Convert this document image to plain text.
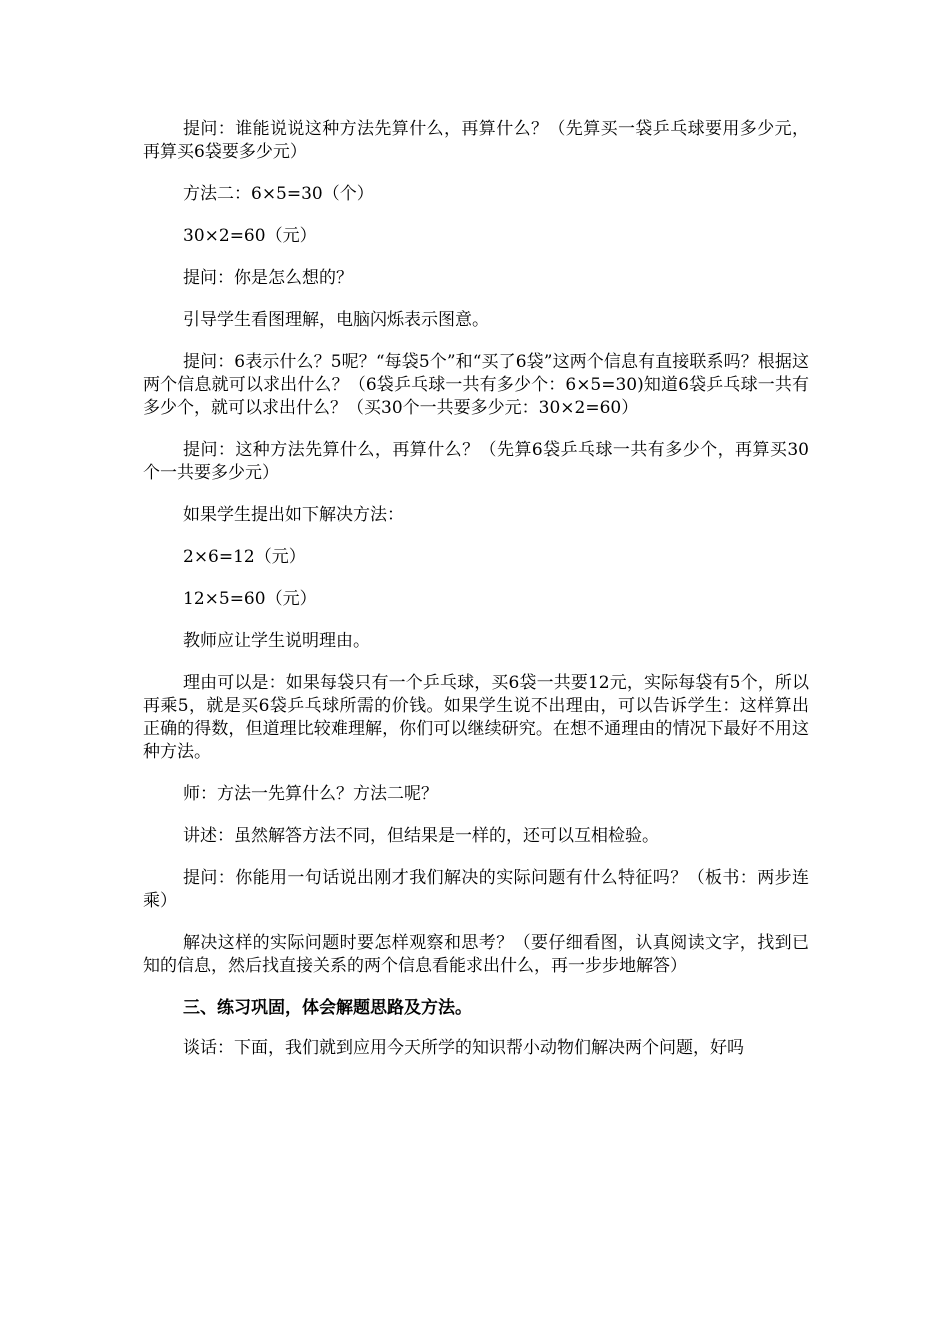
提问：谁能说说这种方法先算什么，再算什么？（先算买一袋乒乓球要用多少元，再算买6袋要多少元）

方法二：6×5=30（个）

30×2=60（元）

提问：你是怎么想的？

引导学生看图理解，电脑闪烁表示图意。

提问：6表示什么？5呢？“每袋5个”和“买了6袋”这两个信息有直接联系吗？根据这两个信息就可以求出什么？（6袋乒乓球一共有多少个：6×5=30)知道6袋乒乓球一共有多少个，就可以求出什么？（买30个一共要多少元：30×2=60）

提问：这种方法先算什么，再算什么？（先算6袋乒乓球一共有多少个，再算买30个一共要多少元）

如果学生提出如下解决方法：

2×6=12（元）

12×5=60（元）

教师应让学生说明理由。

理由可以是：如果每袋只有一个乒乓球，买6袋一共要12元，实际每袋有5个，所以再乘5，就是买6袋乒乓球所需的价钱。如果学生说不出理由，可以告诉学生：这样算出正确的得数，但道理比较难理解，你们可以继续研究。在想不通理由的情况下最好不用这种方法。

师：方法一先算什么？方法二呢？

讲述：虽然解答方法不同，但结果是一样的，还可以互相检验。

提问：你能用一句话说出刚才我们解决的实际问题有什么特征吗？（板书：两步连乘）

解决这样的实际问题时要怎样观察和思考？（要仔细看图，认真阅读文字，找到已知的信息，然后找直接关系的两个信息看能求出什么，再一步步地解答）

三、练习巩固，体会解题思路及方法。

谈话：下面，我们就到应用今天所学的知识帮小动物们解决两个问题，好吗
